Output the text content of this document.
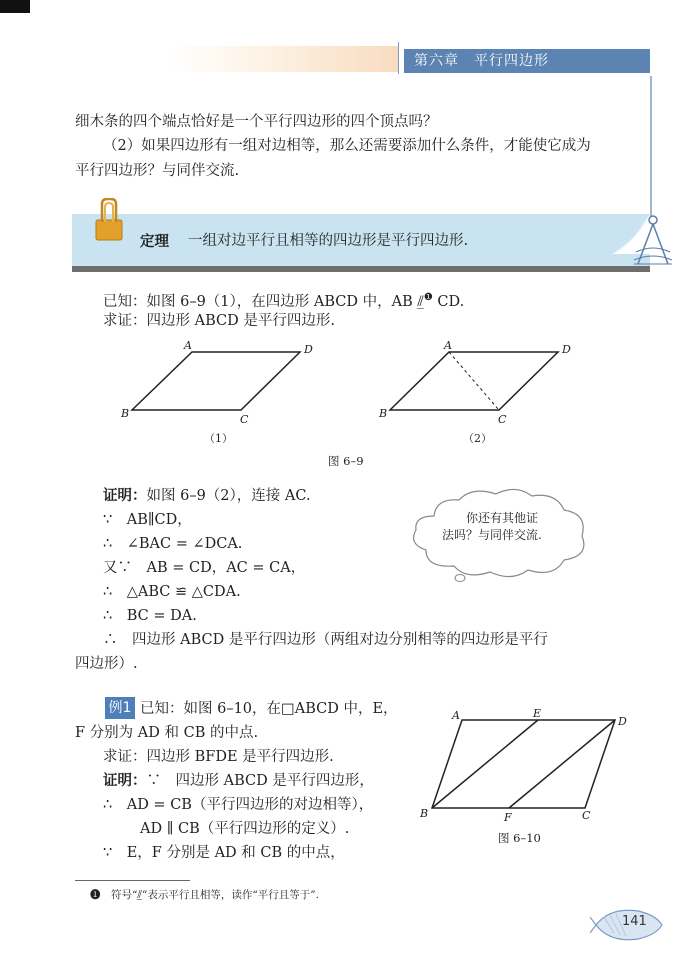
第六章　平行四边形
细木条的四个端点恰好是一个平行四边形的四个顶点吗？
（2）如果四边形有一组对边相等，那么还需要添加什么条件，才能使它成为
平行四边形？与同伴交流.
定理 一组对边平行且相等的四边形是平行四边形.
已知：如图 6–9（1），在四边形 ABCD 中，AB ⫽̲$^❶$ CD.
求证：四边形 ABCD 是平行四边形.
A	D
B	C
（1）
A	D
B	C
（2）
图 6–9
证明：如图 6–9（2），连接 AC.
∵　AB∥CD，
∴　∠BAC = ∠DCA.
又∵　AB = CD，AC = CA，
∴　△ABC ≌ △CDA.
∴　BC = DA.
∴　四边形 ABCD 是平行四边形（两组对边分别相等的四边形是平行
四边形）.
你还有其他证
法吗？与同伴交流.
例1 已知：如图 6–10，在□ABCD 中，E，
F 分别为 AD 和 CB 的中点.
求证：四边形 BFDE 是平行四边形.
证明：∵　四边形 ABCD 是平行四边形，
∴　AD = CB（平行四边形的对边相等），
AD ∥ CB（平行四边形的定义）.
∵　E，F 分别是 AD 和 CB 的中点，
A	E
D
B	F	C
图 6–10
❶　符号“⫽̲”表示平行且相等，读作“平行且等于”.
141
